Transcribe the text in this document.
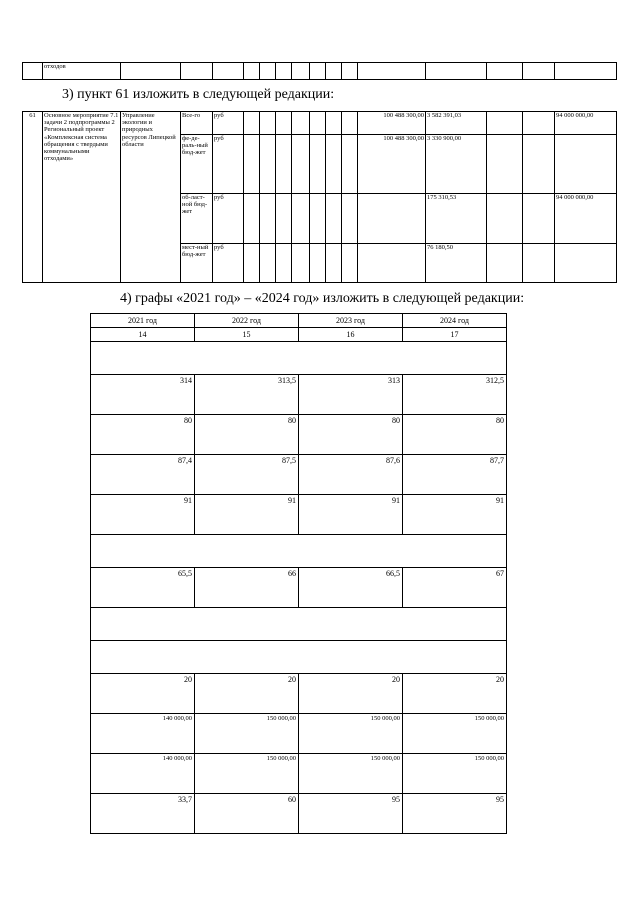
	отходов															
3) пункт 61 изложить в следующей редакции:
61	Основное мероприятие 7.1 задачи 2 подпрограммы 2 Региональный проект «Комплексная система обращения с твердыми коммунальными отходами»	Управление экологии и природных ресурсов Липецкой области	Все-го	руб								100 488 300,00	3 582 391,03			94 000 000,00
			фе-де-раль-ный бюд-жет	руб								100 488 300,00	3 330 900,00			
			об-ласт-ной бюд-жет	руб									175 310,53			94 000 000,00
			мест-ный бюд-жет	руб									76 180,50			
4) графы «2021 год» – «2024 год» изложить в следующей редакции:
2021 год	2022 год	2023 год	2024 год
14	15	16	17

314	313,5	313	312,5
80	80	80	80
87,4	87,5	87,6	87,7
91	91	91	91

65,5	66	66,5	67

20	20	20	20
140 000,00	150 000,00	150 000,00	150 000,00
140 000,00	150 000,00	150 000,00	150 000,00
33,7	60	95	95
